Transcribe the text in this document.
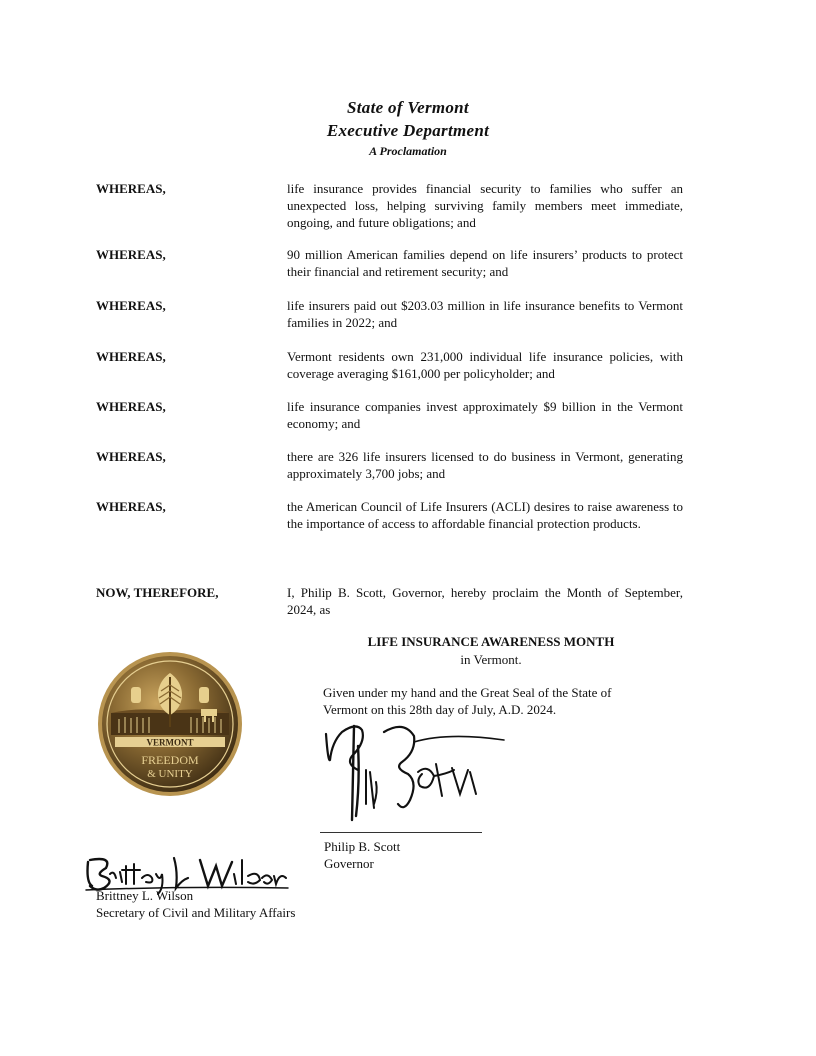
State of Vermont
Executive Department
A Proclamation
WHEREAS,	life insurance provides financial security to families who suffer an unexpected loss, helping surviving family members meet immediate, ongoing, and future obligations; and
WHEREAS,	90 million American families depend on life insurers’ products to protect their financial and retirement security; and
WHEREAS,	life insurers paid out $203.03 million in life insurance benefits to Vermont families in 2022; and
WHEREAS,	Vermont residents own 231,000 individual life insurance policies, with coverage averaging $161,000 per policyholder; and
WHEREAS,	life insurance companies invest approximately $9 billion in the Vermont economy; and
WHEREAS,	there are 326 life insurers licensed to do business in Vermont, generating approximately 3,700 jobs; and
WHEREAS,	the American Council of Life Insurers (ACLI) desires to raise awareness to the importance of access to affordable financial protection products.
NOW, THEREFORE,	I, Philip B. Scott, Governor, hereby proclaim the Month of September, 2024, as
LIFE INSURANCE AWARENESS MONTH
in Vermont.
Given under my hand and the Great Seal of the State of
Vermont on this 28th day of July, A.D. 2024.
VERMONT
FREEDOM
& UNITY
Philip B. Scott
Governor
Brittney L. Wilson
Secretary of Civil and Military Affairs
